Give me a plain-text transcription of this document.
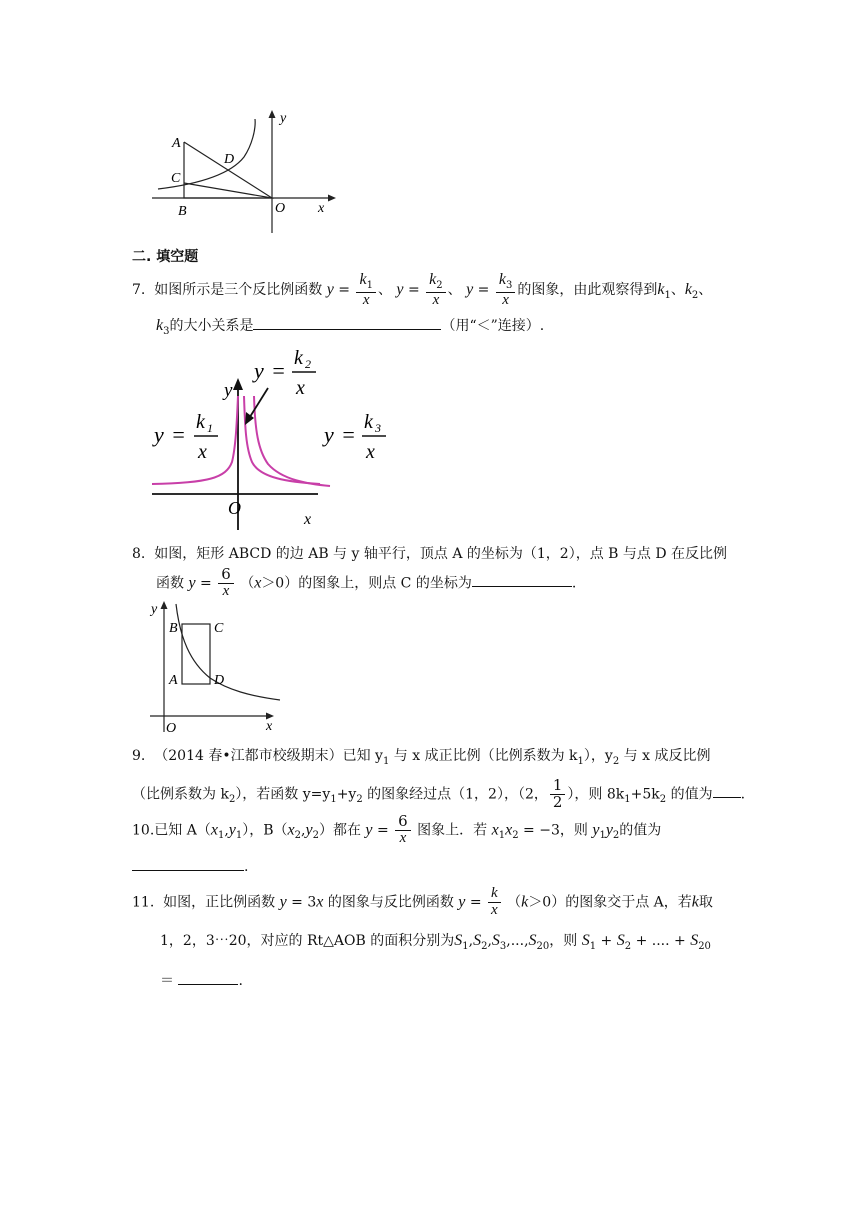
y
A
D
C
B	O x
二. 填空题
7. 如图所示是三个反比例函数 $y = \frac{k_1}{x}$ 、 $y = \frac{k_2}{x}$ 、 $y = \frac{k_3}{x}$ 的图象，由此观察得到$k_1$、$k_2$、
$k_3$的大小关系是	（用“＜”连接）.
y
O
x
y = k 2
x
y = k 1
x
y = k 3
x
8. 如图，矩形 ABCD 的边 AB 与 y 轴平行，顶点 A 的坐标为（1，2），点 B 与点 D 在反比例
函数 $y = \frac{6}{x} (x>0)$的图象上，则点 C 的坐标为	.
y
B	C
A	D
O	x
9. （2014 春•江都市校级期末）已知 $y_1$ 与 x 成正比例（比例系数为 $k_1$），$y_2$ 与 x 成反比例
（比例系数为 $k_2$），若函数 $y=y_1+y_2$ 的图象经过点（1，2），（2， $\frac{1}{2}$ ），则 $8k_1+5k_2$ 的值为 .
10.已知 $A(x_1,y_1)$，$B(x_2,y_2)$都在 $y = \frac{6}{x}$ 图象上．若 $x_1x_2 = -3$，则 $y_1y_2$的值为
.
11. 如图，正比例函数 y = 3x 的图象与反比例函数 $y = \frac{k}{x} (k>0)$的图象交于点 A，若k取
1，2，3⋯20，对应的 Rt△AOB 的面积分别为$S_1,S_2,S_3,...,S_{20}$，则 $S_1 + S_2$ + .... + $S_{20}$
＝	.
